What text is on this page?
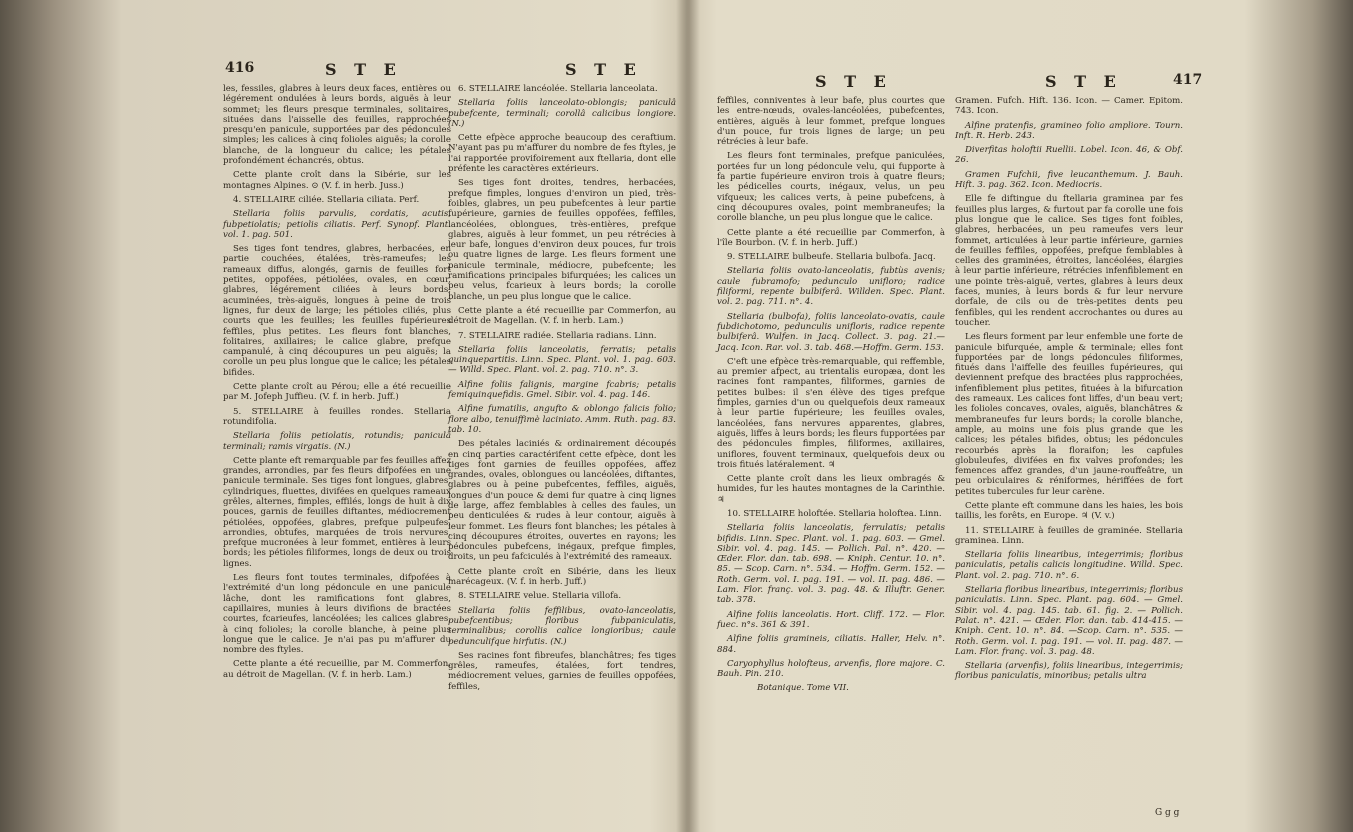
416	S T E	S T E

les, fessiles, glabres à leurs deux faces, entières ou légérement ondulées à leurs bords, aiguës à leur sommet; les fleurs presque terminales, solitaires, situées dans l'aisselle des feuilles, rapprochées presqu'en panicule, supportées par des pédoncules simples; les calices à cinq folioles aiguës; la corolle blanche, de la longueur du calice; les pétales profondément échancrés, obtus.

Cette plante croît dans la Sibérie, sur les montagnes Alpines. ⊙ (V. f. in herb. Juss.)

4. STELLAIRE ciliée. Stellaria ciliata. Perf.

Stellaria foliis parvulis, cordatis, acutis, fubpetiolatis; petiolis ciliatis. Perf. Synopf. Plant. vol. 1. pag. 501.

Ses tiges font tendres, glabres, herbacées, en partie couchées, étalées, très-rameufes; les rameaux diffus, alongés, garnis de feuilles fort petites, oppofées, pétiolées, ovales, en cœur, glabres, légérement ciliées à leurs bords, acuminées, très-aiguës, longues à peine de trois lignes, fur deux de large; les pétioles ciliés, plus courts que les feuilles; les feuilles fupérieures feffiles, plus petites. Les fleurs font blanches, folitaires, axillaires; le calice glabre, prefque campanulé, à cinq découpures un peu aiguës; la corolle un peu plus longue que le calice; les pétales bifides.

Cette plante croît au Pérou; elle a été recueillie par M. Jofeph Juffieu. (V. f. in herb. Juff.)

5. STELLAIRE à feuilles rondes. Stellaria rotundifolia.

Stellaria foliis petiolatis, rotundis; paniculâ terminali; ramis virgatis. (N.)

Cette plante eft remarquable par fes feuilles affez grandes, arrondies, par fes fleurs difpofées en une panicule terminale. Ses tiges font longues, glabres, cylindriques, fluettes, divifées en quelques rameaux grêles, alternes, fimples, effilés, longs de huit à dix pouces, garnis de feuilles diftantes, médiocrement pétiolées, oppofées, glabres, prefque pulpeufes, arrondies, obtufes, marquées de trois nervures, prefque mucronées à leur fommet, entières à leurs bords; les pétioles filiformes, longs de deux ou trois lignes.

Les fleurs font toutes terminales, difpofées à l'extrémité d'un long pédoncule en une panicule lâche, dont les ramifications font glabres, capillaires, munies à leurs divifions de bractées courtes, fcarieufes, lancéolées; les calices glabres, à cinq folioles; la corolle blanche, à peine plus longue que le calice. Je n'ai pas pu m'affurer du nombre des ftyles.

Cette plante a été recueillie, par M. Commerfon, au détroit de Magellan. (V. f. in herb. Lam.)

6. STELLAIRE lancéolée. Stellaria lanceolata.

Stellaria foliis lanceolato-oblongis; paniculâ pubefcente, terminali; corollâ calicibus longiore. (N.)

Cette efpèce approche beaucoup des ceraftium. N'ayant pas pu m'affurer du nombre de fes ftyles, je l'ai rapportée provifoirement aux ftellaria, dont elle préfente les caractères extérieurs.

Ses tiges font droites, tendres, herbacées, prefque fimples, longues d'environ un pied, très-foibles, glabres, un peu pubefcentes à leur partie fupérieure, garnies de feuilles oppofées, feffiles, lancéolées, oblongues, très-entières, prefque glabres, aiguës à leur fommet, un peu rétrécies à leur bafe, longues d'environ deux pouces, fur trois ou quatre lignes de large. Les fleurs forment une panicule terminale, médiocre, pubefcente; les ramifications principales bifurquées; les calices un peu velus, fcarieux à leurs bords; la corolle blanche, un peu plus longue que le calice.

Cette plante a été recueillie par Commerfon, au détroit de Magellan. (V. f. in herb. Lam.)

7. STELLAIRE radiée. Stellaria radians. Linn.

Stellaria foliis lanceolatis, ferratis; petalis quinquepartitis. Linn. Spec. Plant. vol. 1. pag. 603.— Willd. Spec. Plant. vol. 2. pag. 710. n°. 3.

Alfine foliis falignis, margine fcabris; petalis femiquinquefidis. Gmel. Sibir. vol. 4. pag. 146.

Alfine fumatilis, angufto & oblongo falicis folio; flore albo, tenuiffimè laciniato. Amm. Ruth. pag. 83. tab. 10.

Des pétales laciniés & ordinairement découpés en cinq parties caractérifent cette efpèce, dont les tiges font garnies de feuilles oppofées, affez grandes, ovales, oblongues ou lancéolées, diftantes, glabres ou à peine pubefcentes, feffiles, aiguës, longues d'un pouce & demi fur quatre à cinq lignes de large, affez femblables à celles des faules, un peu denticulées & rudes à leur contour, aiguës à leur fommet. Les fleurs font blanches; les pétales à cinq découpures étroites, ouvertes en rayons; les pédoncules pubefcens, inégaux, prefque fimples, droits, un peu fafciculés à l'extrémité des rameaux.

Cette plante croît en Sibérie, dans les lieux marécageux. (V. f. in herb. Juff.)

8. STELLAIRE velue. Stellaria villofa.

Stellaria foliis feffilibus, ovato-lanceolatis, pubefcentibus; floribus fubpaniculatis, terminalibus; corollis calice longioribus; caule pedunculifque hirfutis. (N.)

Ses racines font fibreufes, blanchâtres; fes tiges grêles, rameufes, étalées, fort tendres, médiocrement velues, garnies de feuilles oppofées, feffiles,

S T E	S T E	417

feffiles, conniventes à leur bafe, plus courtes que les entre-nœuds, ovales-lancéolées, pubefcentes, entières, aiguës à leur fommet, prefque longues d'un pouce, fur trois lignes de large; un peu rétrécies à leur bafe.

Les fleurs font terminales, prefque paniculées, portées fur un long pédoncule velu, qui fupporte à fa partie fupérieure environ trois à quatre fleurs; les pédicelles courts, inégaux, velus, un peu vifqueux; les calices verts, à peine pubefcens, à cinq découpures ovales, point membraneufes; la corolle blanche, un peu plus longue que le calice.

Cette plante a été recueillie par Commerfon, à l'île Bourbon. (V. f. in herb. Juff.)

9. STELLAIRE bulbeufe. Stellaria bulbofa. Jacq.

Stellaria foliis ovato-lanceolatis, fubtùs avenis; caule fubramofo; pedunculo unifloro; radice filiformi, repente bulbiferâ. Willden. Spec. Plant. vol. 2. pag. 711. n°. 4.

Stellaria (bulbofa), foliis lanceolato-ovatis, caule fubdichotomo, pedunculis unifloris, radice repente bulbiferâ. Wulfen. in Jacq. Collect. 3. pag. 21.—Jacq. Icon. Rar. vol. 3. tab. 468.—Hoffm. Germ. 153.

C'eft une efpèce très-remarquable, qui reffemble, au premier afpect, au trientalis europæa, dont les racines font rampantes, filiformes, garnies de petites bulbes: il s'en élève des tiges prefque fimples, garnies d'un ou quelquefois deux rameaux à leur partie fupérieure; les feuilles ovales, lancéolées, fans nervures apparentes, glabres, aiguës, liffes à leurs bords; les fleurs fupportées par des pédoncules fimples, filiformes, axillaires, uniflores, fouvent terminaux, quelquefois deux ou trois fitués latéralement. ♃

Cette plante croît dans les lieux ombragés & humides, fur les hautes montagnes de la Carinthie. ♃

10. STELLAIRE holoftée. Stellaria holoftea. Linn.

Stellaria foliis lanceolatis, ferrulatis; petalis bifidis. Linn. Spec. Plant. vol. 1. pag. 603. — Gmel. Sibir. vol. 4. pag. 145. — Pollich. Pal. n°. 420. — Œder. Flor. dan. tab. 698. — Kniph. Centur. 10. n°. 85. — Scop. Carn. n°. 534. — Hoffm. Germ. 152. — Roth. Germ. vol. I. pag. 191. — vol. II. pag. 486. — Lam. Flor. franç. vol. 3. pag. 48. & Illuftr. Gener. tab. 378.

Alfine foliis lanceolatis. Hort. Cliff. 172. — Flor. fuec. n°s. 361 & 391.

Alfine foliis gramineis, ciliatis. Haller, Helv. n°. 884.

Caryophyllus holofteus, arvenfis, flore majore. C. Bauh. Pin. 210.

Botanique. Tome VII.

Gramen. Fufch. Hift. 136. Icon. — Camer. Epitom. 743. Icon.

Alfine pratenfis, gramineo folio ampliore. Tourn. Inft. R. Herb. 243.

Diverfitas holoftii Ruellii. Lobel. Icon. 46, & Obf. 26.

Gramen Fufchii, five leucanthemum. J. Bauh. Hift. 3. pag. 362. Icon. Mediocris.

Elle fe diftingue du ftellaria graminea par fes feuilles plus larges, & furtout par fa corolle une fois plus longue que le calice. Ses tiges font foibles, glabres, herbacées, un peu rameufes vers leur fommet, articulées à leur partie inférieure, garnies de feuilles feffiles, oppofées, prefque femblables à celles des graminées, étroites, lancéolées, élargies à leur partie inférieure, rétrécies infenfiblement en une pointe très-aiguë, vertes, glabres à leurs deux faces, munies, à leurs bords & fur leur nervure dorfale, de cils ou de très-petites dents peu fenfibles, qui les rendent accrochantes ou dures au toucher.

Les fleurs forment par leur enfemble une forte de panicule bifurquée, ample & terminale; elles font fupportées par de longs pédoncules filiformes, fitués dans l'aiffelle des feuilles fupérieures, qui deviennent prefque des bractées plus rapprochées, infenfiblement plus petites, fituées à la bifurcation des rameaux. Les calices font liffes, d'un beau vert; les folioles concaves, ovales, aiguës, blanchâtres & membraneufes fur leurs bords; la corolle blanche, ample, au moins une fois plus grande que les calices; les pétales bifides, obtus; les pédoncules recourbés après la floraifon; les capfules globuleufes, divifées en fix valves profondes; les femences affez grandes, d'un jaune-rouffeâtre, un peu orbiculaires & réniformes, hériffées de fort petites tubercules fur leur carène.

Cette plante eft commune dans les haies, les bois taillis, les forêts, en Europe. ♃ (V. v.)

11. STELLAIRE à feuilles de graminée. Stellaria graminea. Linn.

Stellaria foliis linearibus, integerrimis; floribus paniculatis, petalis calicis longitudine. Willd. Spec. Plant. vol. 2. pag. 710. n°. 6.

Stellaria floribus linearibus, integerrimis; floribus paniculatis. Linn. Spec. Plant. pag. 604. — Gmel. Sibir. vol. 4. pag. 145. tab. 61. fig. 2. — Pollich. Palat. n°. 421. — Œder. Flor. dan. tab. 414-415. — Kniph. Cent. 10. n°. 84. —Scop. Carn. n°. 535. — Roth. Germ. vol. I. pag. 191. — vol. II. pag. 487. — Lam. Flor. franç. vol. 3. pag. 48.

Stellaria (arvenfis), foliis linearibus, integerrimis; floribus paniculatis, minoribus; petalis ultra

G g g
